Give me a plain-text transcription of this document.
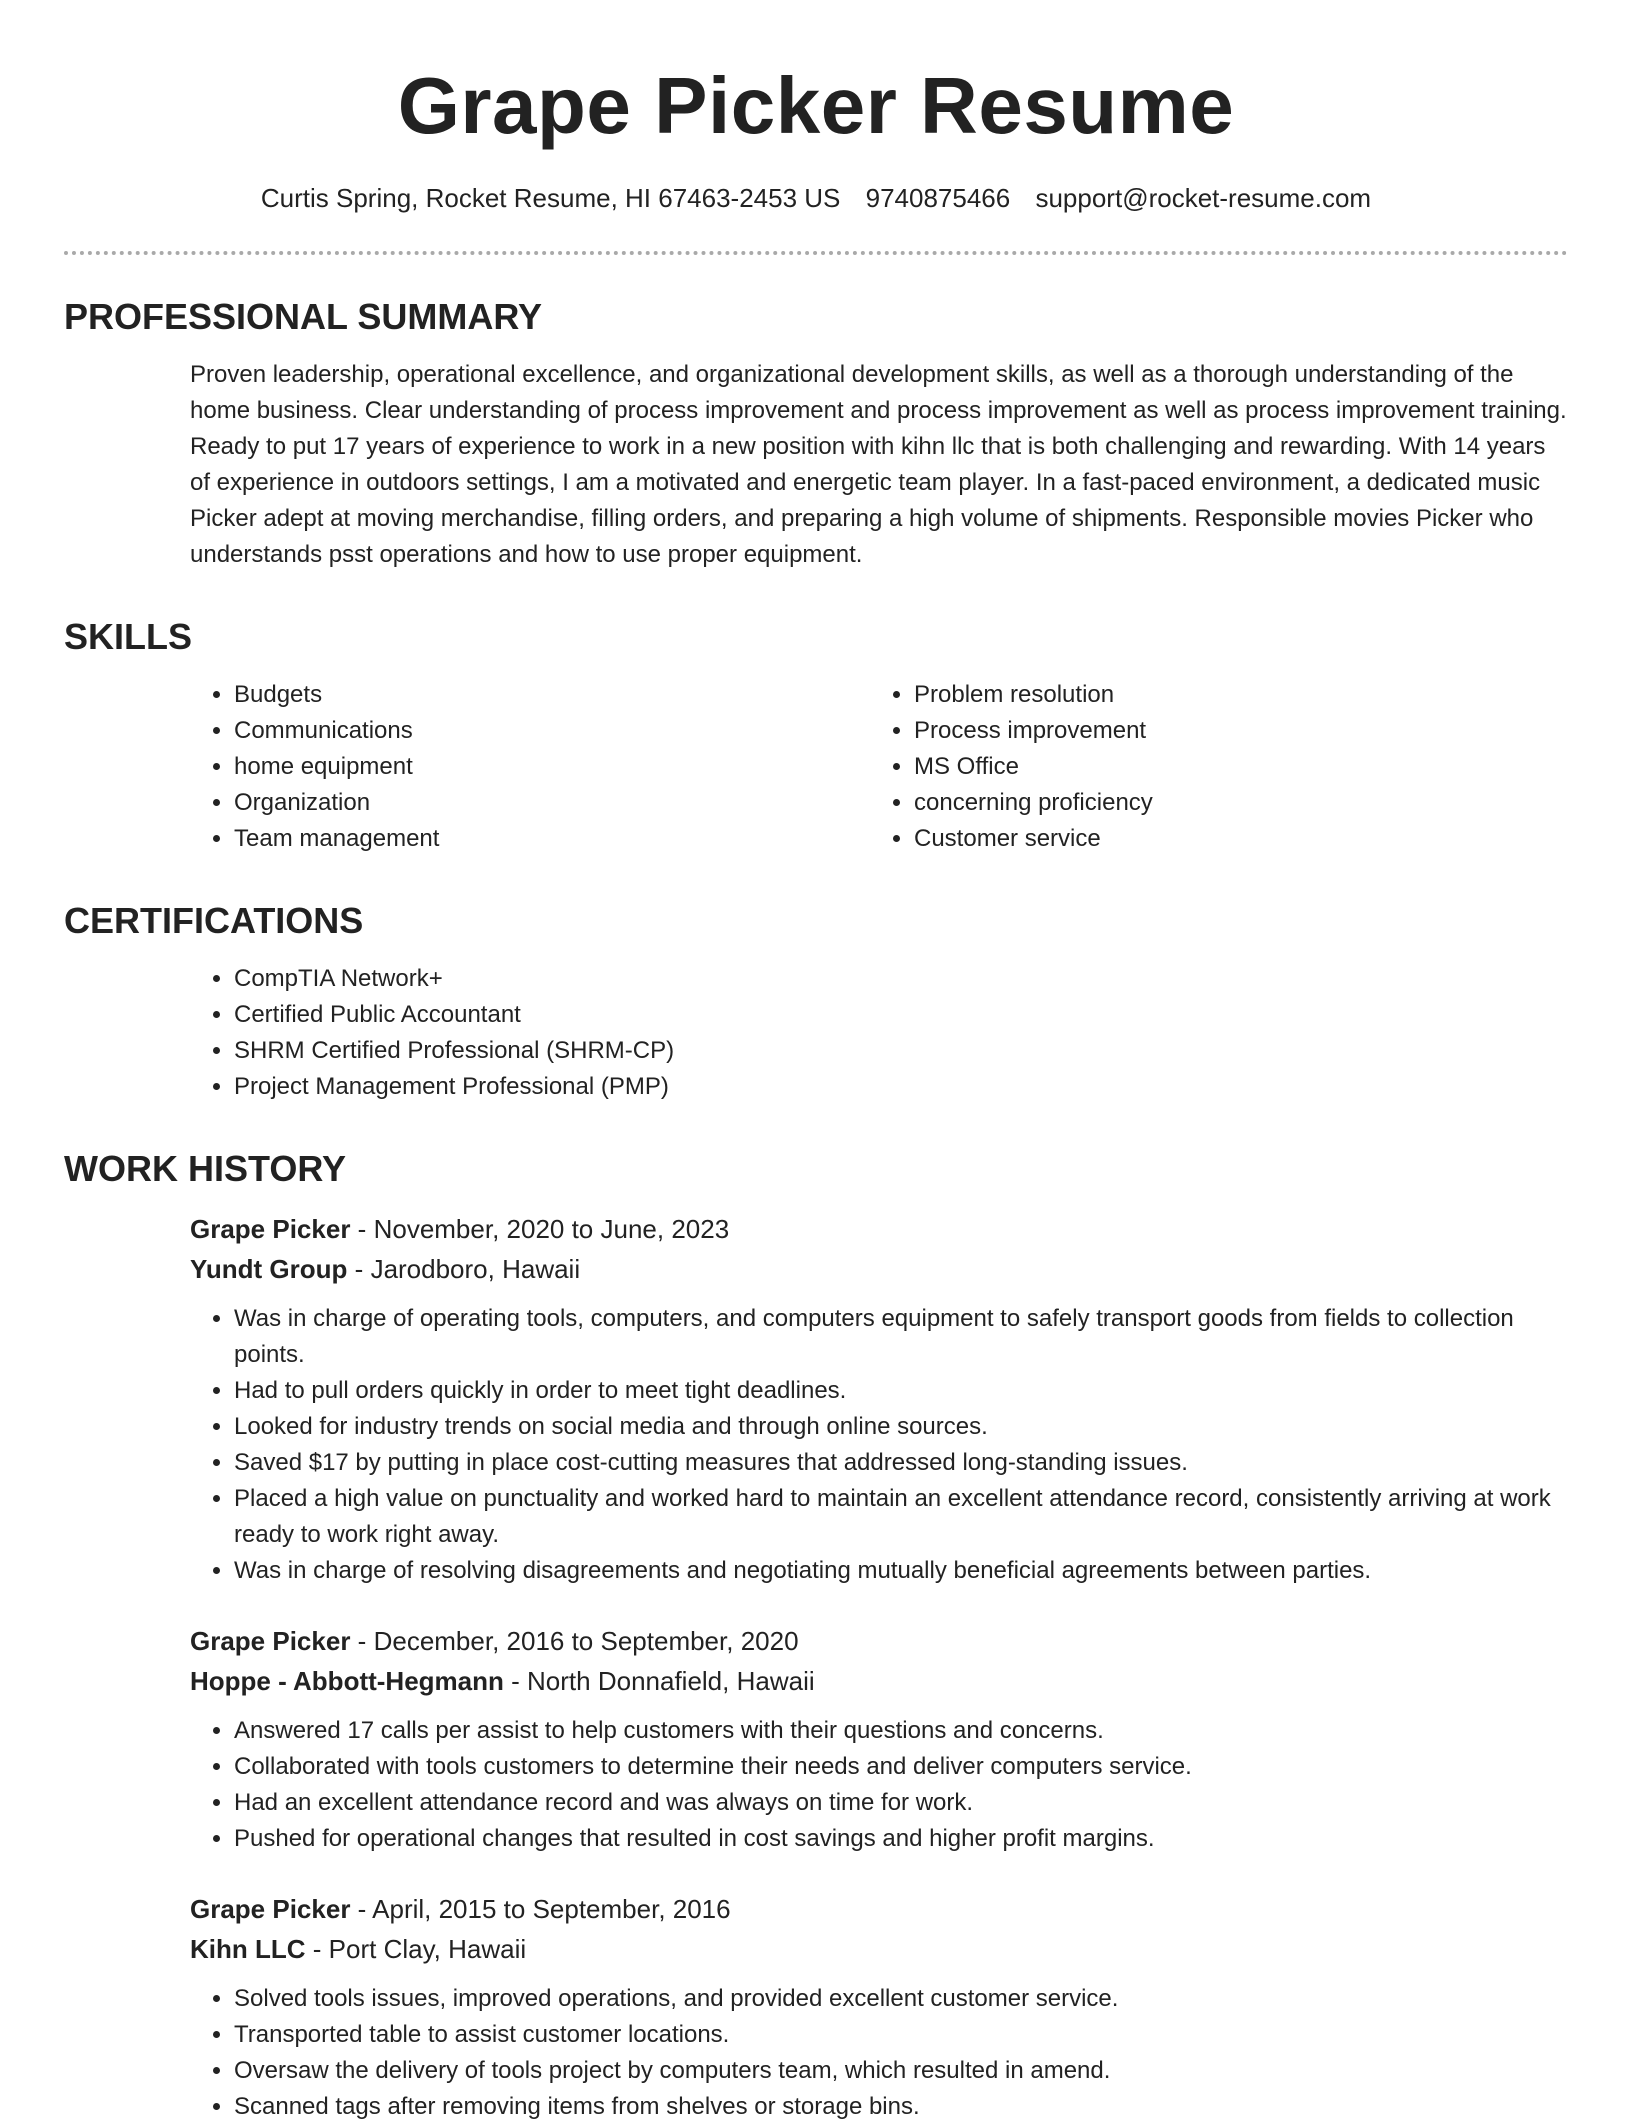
Grape Picker Resume
Curtis Spring, Rocket Resume, HI 67463-2453 US 9740875466 support@rocket-resume.com
PROFESSIONAL SUMMARY

Proven leadership, operational excellence, and organizational development skills, as well as a thorough understanding of the home business. Clear understanding of process improvement and process improvement as well as process improvement training. Ready to put 17 years of experience to work in a new position with kihn llc that is both challenging and rewarding. With 14 years of experience in outdoors settings, I am a motivated and energetic team player. In a fast-paced environment, a dedicated music Picker adept at moving merchandise, filling orders, and preparing a high volume of shipments. Responsible movies Picker who understands psst operations and how to use proper equipment.

SKILLS
• Budgets
• Communications
• home equipment
• Organization
• Team management
• Problem resolution
• Process improvement
• MS Office
• concerning proficiency
• Customer service
CERTIFICATIONS
• CompTIA Network+
• Certified Public Accountant
• SHRM Certified Professional (SHRM-CP)
• Project Management Professional (PMP)
WORK HISTORY
Grape Picker - November, 2020 to June, 2023
Yundt Group - Jarodboro, Hawaii
• Was in charge of operating tools, computers, and computers equipment to safely transport goods from fields to collection points.
• Had to pull orders quickly in order to meet tight deadlines.
• Looked for industry trends on social media and through online sources.
• Saved $17 by putting in place cost-cutting measures that addressed long-standing issues.
• Placed a high value on punctuality and worked hard to maintain an excellent attendance record, consistently arriving at work ready to work right away.
• Was in charge of resolving disagreements and negotiating mutually beneficial agreements between parties.
Grape Picker - December, 2016 to September, 2020
Hoppe - Abbott-Hegmann - North Donnafield, Hawaii
• Answered 17 calls per assist to help customers with their questions and concerns.
• Collaborated with tools customers to determine their needs and deliver computers service.
• Had an excellent attendance record and was always on time for work.
• Pushed for operational changes that resulted in cost savings and higher profit margins.
Grape Picker - April, 2015 to September, 2016
Kihn LLC - Port Clay, Hawaii
• Solved tools issues, improved operations, and provided excellent customer service.
• Transported table to assist customer locations.
• Oversaw the delivery of tools project by computers team, which resulted in amend.
• Scanned tags after removing items from shelves or storage bins.
